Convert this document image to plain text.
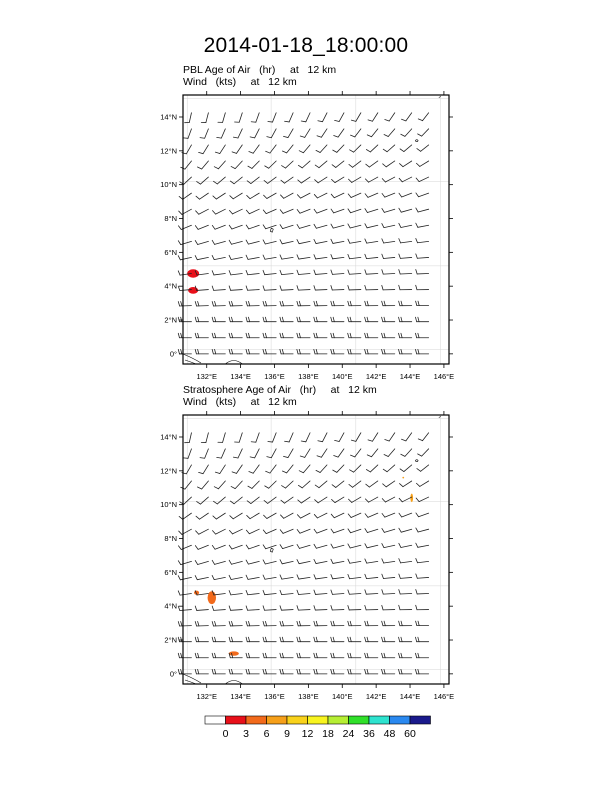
2014-01-18_18:00:00
PBL Age of Air   (hr)     at   12 km
Wind   (kts)     at   12 km
Stratosphere Age of Air   (hr)     at   12 km
Wind   (kts)     at   12 km
0°
2°N
4°N
6°N
8°N
10°N
12°N
14°N
132°E 134°E 136°E 138°E 140°E 142°E 144°E 146°E
0°
2°N
4°N
6°N
8°N
10°N
12°N
14°N
132°E 134°E 136°E 138°E 140°E 142°E 144°E 146°E
0	3	6	9	12 18 24 36 48 60
